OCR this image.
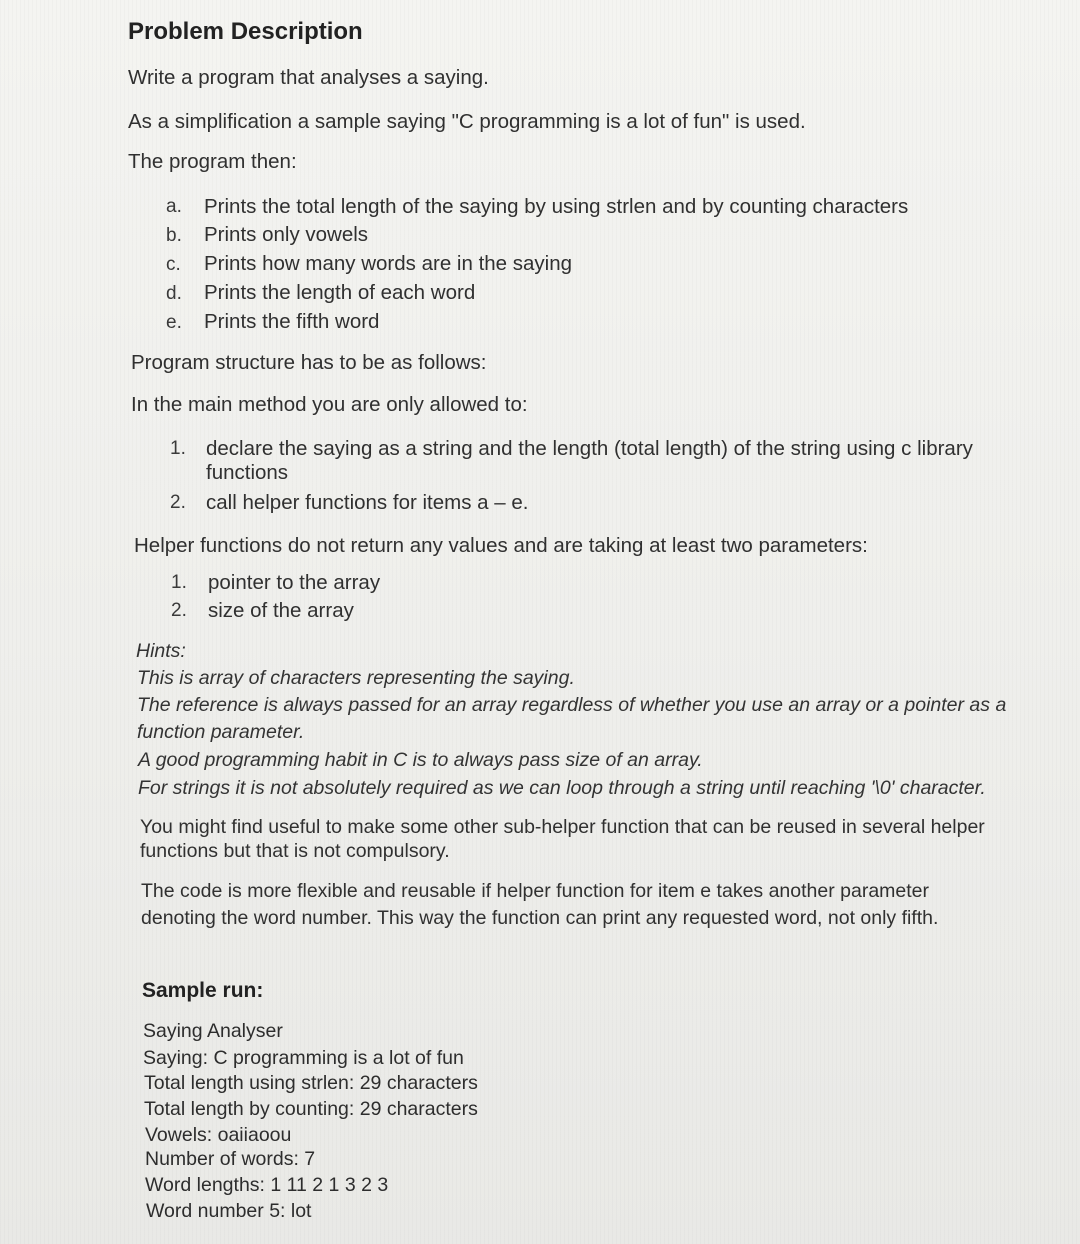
Problem Description
Write a program that analyses a saying.
As a simplification a sample saying "C programming is a lot of fun" is used.
The program then:
a. Prints the total length of the saying by using strlen and by counting characters
b. Prints only vowels
c. Prints how many words are in the saying
d. Prints the length of each word
e. Prints the fifth word
Program structure has to be as follows:
In the main method you are only allowed to:
1. declare the saying as a string and the length (total length) of the string using c library
functions
2. call helper functions for items a – e.
Helper functions do not return any values and are taking at least two parameters:
1. pointer to the array
2. size of the array
Hints:
This is array of characters representing the saying.
The reference is always passed for an array regardless of whether you use an array or a pointer as a
function parameter.
A good programming habit in C is to always pass size of an array.
For strings it is not absolutely required as we can loop through a string until reaching '\0' character.
You might find useful to make some other sub-helper function that can be reused in several helper
functions but that is not compulsory.
The code is more flexible and reusable if helper function for item e takes another parameter
denoting the word number. This way the function can print any requested word, not only fifth.
Sample run:
Saying Analyser
Saying: C programming is a lot of fun
Total length using strlen: 29 characters
Total length by counting: 29 characters
Vowels: oaiiaoou
Number of words: 7
Word lengths: 1 11 2 1 3 2 3
Word number 5: lot
